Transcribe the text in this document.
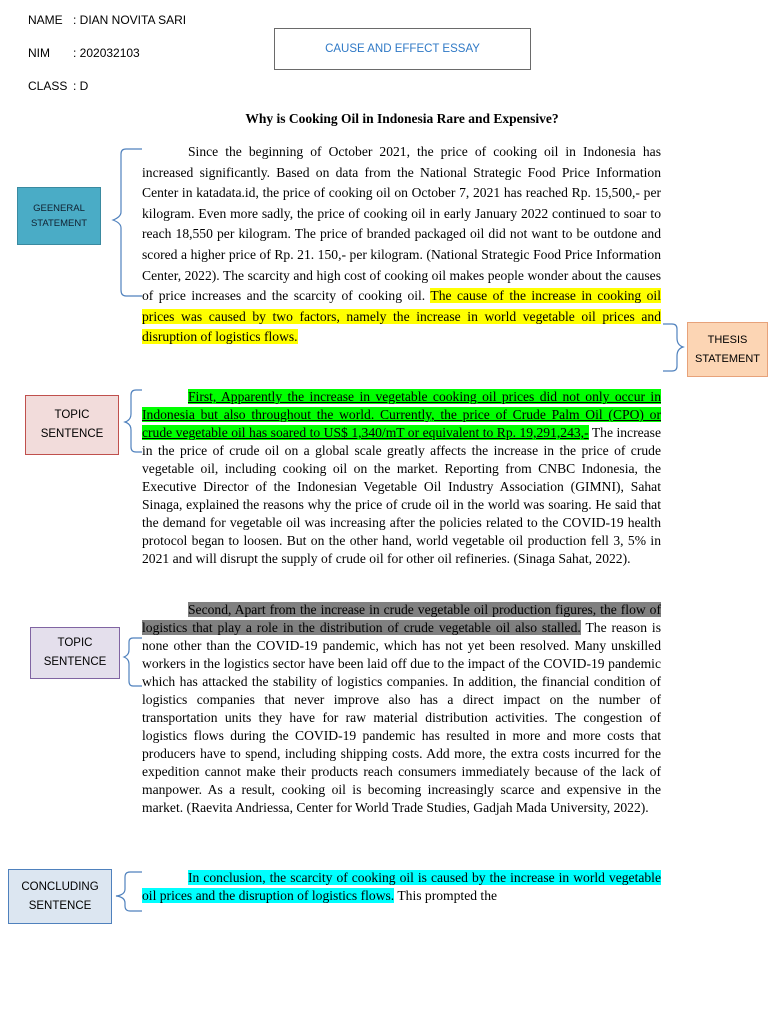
NAME : DIAN NOVITA SARI
NIM : 202032103
CLASS : D
CAUSE AND EFFECT ESSAY
Why is Cooking Oil in Indonesia Rare and Expensive?
Since the beginning of October 2021, the price of cooking oil in Indonesia has increased significantly. Based on data from the National Strategic Food Price Information Center in katadata.id, the price of cooking oil on October 7, 2021 has reached Rp. 15,500,- per kilogram. Even more sadly, the price of cooking oil in early January 2022 continued to soar to reach 18,550 per kilogram. The price of branded packaged oil did not want to be outdone and scored a higher price of Rp. 21. 150,- per kilogram. (National Strategic Food Price Information Center, 2022). The scarcity and high cost of cooking oil makes people wonder about the causes of price increases and the scarcity of cooking oil. The cause of the increase in cooking oil prices was caused by two factors, namely the increase in world vegetable oil prices and disruption of logistics flows.
First, Apparently the increase in vegetable cooking oil prices did not only occur in Indonesia but also throughout the world. Currently, the price of Crude Palm Oil (CPO) or crude vegetable oil has soared to US$ 1,340/mT or equivalent to Rp. 19,291,243,- The increase in the price of crude oil on a global scale greatly affects the increase in the price of crude vegetable oil, including cooking oil on the market. Reporting from CNBC Indonesia, the Executive Director of the Indonesian Vegetable Oil Industry Association (GIMNI), Sahat Sinaga, explained the reasons why the price of crude oil in the world was soaring. He said that the demand for vegetable oil was increasing after the policies related to the COVID-19 health protocol began to loosen. But on the other hand, world vegetable oil production fell 3, 5% in 2021 and will disrupt the supply of crude oil for other oil refineries. (Sinaga Sahat, 2022).
Second, Apart from the increase in crude vegetable oil production figures, the flow of logistics that play a role in the distribution of crude vegetable oil also stalled. The reason is none other than the COVID-19 pandemic, which has not yet been resolved. Many unskilled workers in the logistics sector have been laid off due to the impact of the COVID-19 pandemic which has attacked the stability of logistics companies. In addition, the financial condition of logistics companies that never improve also has a direct impact on the number of transportation units they have for raw material distribution activities. The congestion of logistics flows during the COVID-19 pandemic has resulted in more and more costs that producers have to spend, including shipping costs. Add more, the extra costs incurred for the expedition cannot make their products reach consumers immediately because of the lack of manpower. As a result, cooking oil is becoming increasingly scarce and expensive in the market. (Raevita Andriessa, Center for World Trade Studies, Gadjah Mada University, 2022).
In conclusion, the scarcity of cooking oil is caused by the increase in world vegetable oil prices and the disruption of logistics flows. This prompted the
GEENERAL STATEMENT
THESIS STATEMENT
TOPIC SENTENCE
TOPIC SENTENCE
CONCLUDING SENTENCE
